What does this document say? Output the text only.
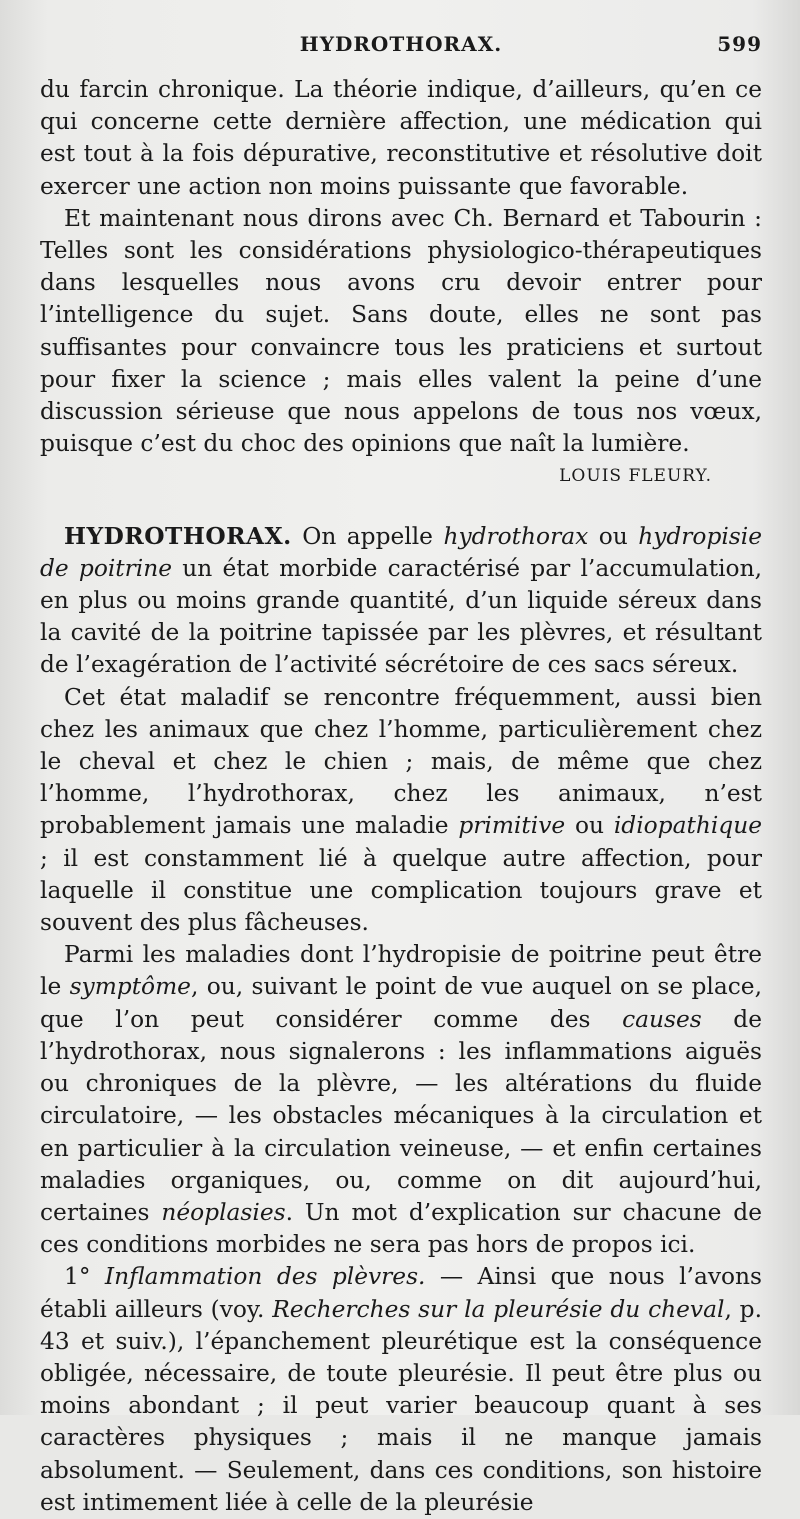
HYDROTHORAX.	599

du farcin chronique. La théorie indique, d’ailleurs, qu’en ce qui concerne cette dernière affection, une médication qui est tout à la fois dépurative, reconstitutive et résolutive doit exercer une action non moins puissante que favorable.

Et maintenant nous dirons avec Ch. Bernard et Tabourin : Telles sont les considérations physiologico-thérapeutiques dans lesquelles nous avons cru devoir entrer pour l’intelligence du sujet. Sans doute, elles ne sont pas suffisantes pour convaincre tous les praticiens et surtout pour fixer la science ; mais elles valent la peine d’une discussion sérieuse que nous appelons de tous nos vœux, puisque c’est du choc des opinions que naît la lumière.
LOUIS FLEURY.

HYDROTHORAX. On appelle hydrothorax ou hydropisie de poitrine un état morbide caractérisé par l’accumulation, en plus ou moins grande quantité, d’un liquide séreux dans la cavité de la poitrine tapissée par les plèvres, et résultant de l’exagération de l’activité sécrétoire de ces sacs séreux.

Cet état maladif se rencontre fréquemment, aussi bien chez les animaux que chez l’homme, particulièrement chez le cheval et chez le chien ; mais, de même que chez l’homme, l’hydrothorax, chez les animaux, n’est probablement jamais une maladie primitive ou idiopathique ; il est constamment lié à quelque autre affection, pour laquelle il constitue une complication toujours grave et souvent des plus fâcheuses.

Parmi les maladies dont l’hydropisie de poitrine peut être le symptôme, ou, suivant le point de vue auquel on se place, que l’on peut considérer comme des causes de l’hydrothorax, nous signalerons : les inflammations aiguës ou chroniques de la plèvre, — les altérations du fluide circulatoire, — les obstacles mécaniques à la circulation et en particulier à la circulation veineuse, — et enfin certaines maladies organiques, ou, comme on dit aujourd’hui, certaines néoplasies. Un mot d’explication sur chacune de ces conditions morbides ne sera pas hors de propos ici.

1° Inflammation des plèvres. — Ainsi que nous l’avons établi ailleurs (voy. Recherches sur la pleurésie du cheval, p. 43 et suiv.), l’épanchement pleurétique est la conséquence obligée, nécessaire, de toute pleurésie. Il peut être plus ou moins abondant ; il peut varier beaucoup quant à ses caractères physiques ; mais il ne manque jamais absolument. — Seulement, dans ces conditions, son histoire est intimement liée à celle de la pleurésie
